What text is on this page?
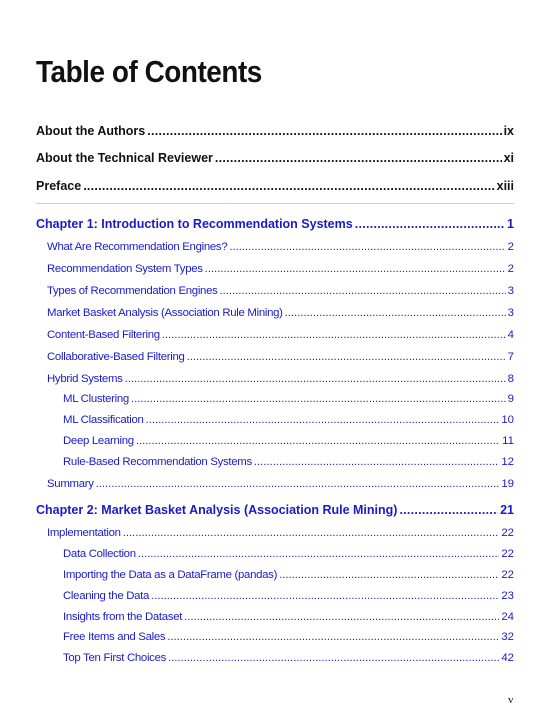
Table of Contents
About the Authors . . .	ix
About the Technical Reviewer . . .	xi
Preface . . .	xiii
Chapter 1: Introduction to Recommendation Systems . . .	1
What Are Recommendation Engines? . . .	2
Recommendation System Types . . .	2
Types of Recommendation Engines . . .	3
Market Basket Analysis (Association Rule Mining) . . .	3
Content-Based Filtering . . .	4
Collaborative-Based Filtering . . .	7
Hybrid Systems . . .	8
ML Clustering . . .	9
ML Classification . . .	10
Deep Learning . . .	11
Rule-Based Recommendation Systems . . .	12
Summary . . .	19
Chapter 2: Market Basket Analysis (Association Rule Mining) . . .	21
Implementation . . .	22
Data Collection . . .	22
Importing the Data as a DataFrame (pandas) . . .	22
Cleaning the Data . . .	23
Insights from the Dataset . . .	24
Free Items and Sales . . .	32
Top Ten First Choices . . .	42
v
